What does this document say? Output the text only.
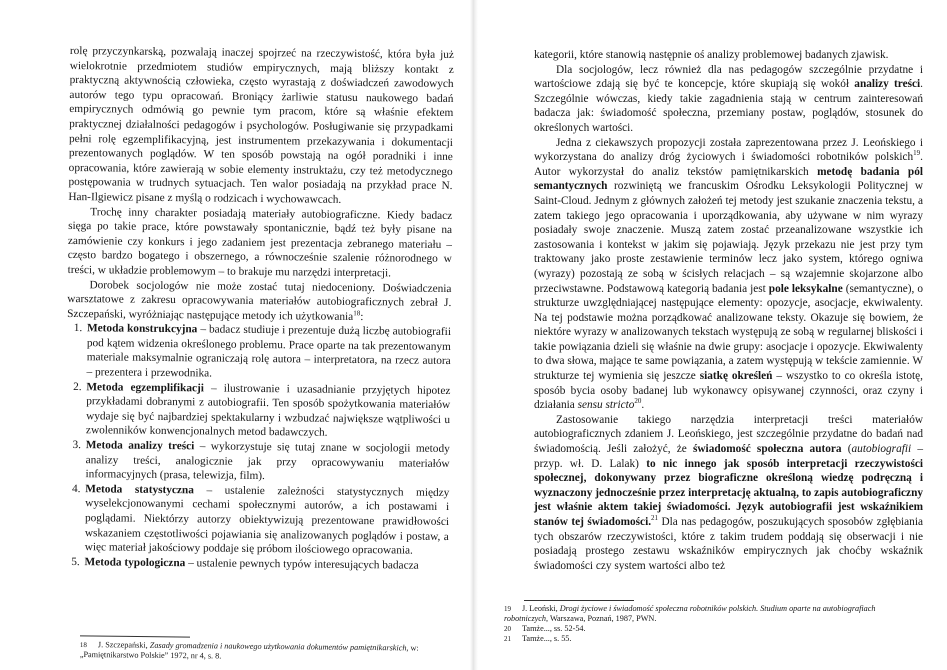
rolę przyczynkarską, pozwalają inaczej spojrzeć na rzeczywistość, która była już wielokrotnie przedmiotem studiów empirycznych, mają bliższy kontakt z praktyczną aktywnością człowieka, często wyrastają z doświadczeń zawodowych autorów tego typu opracowań. Broniący żarliwie statusu naukowego badań empirycznych odmówią go pewnie tym pracom, które są właśnie efektem praktycznej działalności pedagogów i psychologów. Posługiwanie się przypadkami pełni rolę egzemplifikacyjną, jest instrumentem przekazywania i dokumentacji prezentowanych poglądów. W ten sposób powstają na ogół poradniki i inne opracowania, które zawierają w sobie elementy instruktażu, czy też metodycznego postępowania w trudnych sytuacjach. Ten walor posiadają na przykład prace N. Han-Ilgiewicz pisane z myślą o rodzicach i wychowawcach.

Trochę inny charakter posiadają materiały autobiograficzne. Kiedy badacz sięga po takie prace, które powstawały spontanicznie, bądź też były pisane na zamówienie czy konkurs i jego zadaniem jest prezentacja zebranego materiału – często bardzo bogatego i obszernego, a równocześnie szalenie różnorodnego w treści, w układzie problemowym – to brakuje mu narzędzi interpretacji.

Dorobek socjologów nie może zostać tutaj niedoceniony. Doświadczenia warsztatowe z zakresu opracowywania materiałów autobiograficznych zebrał J. Szczepański, wyróżniając następujące metody ich użytkowania$^{18}$:

1. Metoda konstrukcyjna – badacz studiuje i prezentuje dużą liczbę autobiografii pod kątem widzenia określonego problemu. Prace oparte na tak prezentowanym materiale maksymalnie ograniczają rolę autora – interpretatora, na rzecz autora – prezentera i przewodnika.
2. Metoda egzemplifikacji – ilustrowanie i uzasadnianie przyjętych hipotez przykładami dobranymi z autobiografii. Ten sposób spożytkowania materiałów wydaje się być najbardziej spektakularny i wzbudzać największe wątpliwości u zwolenników konwencjonalnych metod badawczych.
3. Metoda analizy treści – wykorzystuje się tutaj znane w socjologii metody analizy treści, analogicznie jak przy opracowywaniu materiałów informacyjnych (prasa, telewizja, film).
4. Metoda statystyczna – ustalenie zależności statystycznych między wyselekcjonowanymi cechami społecznymi autorów, a ich postawami i poglądami. Niektórzy autorzy obiektywizują prezentowane prawidłowości wskazaniem częstotliwości pojawiania się analizowanych poglądów i postaw, a więc materiał jakościowy poddaje się próbom ilościowego opracowania.
5. Metoda typologiczna – ustalenie pewnych typów interesujących badacza
18 J. Szczepański, Zasady gromadzenia i naukowego użytkowania dokumentów pamiętnikarskich, w: „Pamiętnikarstwo Polskie” 1972, nr 4, s. 8.

kategorii, które stanowią następnie oś analizy problemowej badanych zjawisk.

Dla socjologów, lecz również dla nas pedagogów szczególnie przydatne i wartościowe zdają się być te koncepcje, które skupiają się wokół analizy treści. Szczególnie wówczas, kiedy takie zagadnienia stają w centrum zainteresowań badacza jak: świadomość społeczna, przemiany postaw, poglądów, stosunek do określonych wartości.

Jedna z ciekawszych propozycji została zaprezentowana przez J. Leońskiego i wykorzystana do analizy dróg życiowych i świadomości robotników polskich$^{19}$. Autor wykorzystał do analiz tekstów pamiętnikarskich metodę badania pól semantycznych rozwiniętą we francuskim Ośrodku Leksykologii Politycznej w Saint-Cloud. Jednym z głównych założeń tej metody jest szukanie znaczenia tekstu, a zatem takiego jego opracowania i uporządkowania, aby używane w nim wyrazy posiadały swoje znaczenie. Muszą zatem zostać przeanalizowane wszystkie ich zastosowania i kontekst w jakim się pojawiają. Język przekazu nie jest przy tym traktowany jako proste zestawienie terminów lecz jako system, którego ogniwa (wyrazy) pozostają ze sobą w ścisłych relacjach – są wzajemnie skojarzone albo przeciwstawne. Podstawową kategorią badania jest pole leksykalne (semantyczne), o strukturze uwzględniającej następujące elementy: opozycje, asocjacje, ekwiwalenty. Na tej podstawie można porządkować analizowane teksty. Okazuje się bowiem, że niektóre wyrazy w analizowanych tekstach występują ze sobą w regularnej bliskości i takie powiązania dzieli się właśnie na dwie grupy: asocjacje i opozycje. Ekwiwalenty to dwa słowa, mające te same powiązania, a zatem występują w tekście zamiennie. W strukturze tej wymienia się jeszcze siatkę określeń – wszystko to co określa istotę, sposób bycia osoby badanej lub wykonawcy opisywanej czynności, oraz czyny i działania sensu stricto$^{20}$.

Zastosowanie takiego narzędzia interpretacji treści materiałów autobiograficznych zdaniem J. Leońskiego, jest szczególnie przydatne do badań nad świadomością. Jeśli założyć, że świadomość społeczna autora (autobiografii – przyp. wł. D. Lalak) to nic innego jak sposób interpretacji rzeczywistości społecznej, dokonywany przez biograficzne określoną wiedzę podręczną i wyznaczony jednocześnie przez interpretację aktualną, to zapis autobiograficzny jest właśnie aktem takiej świadomości. Język autobiografii jest wskaźnikiem stanów tej świadomości.$^{21}$ Dla nas pedagogów, poszukujących sposobów zgłębiania tych obszarów rzeczywistości, które z takim trudem poddają się obserwacji i nie posiadają prostego zestawu wskaźników empirycznych jak choćby wskaźnik świadomości czy system wartości albo też

19 J. Leoński, Drogi życiowe i świadomość społeczna robotników polskich. Studium oparte na autobiografiach robotniczych, Warszawa, Poznań, 1987, PWN.
20 Tamże..., ss. 52-54.
21 Tamże..., s. 55.
